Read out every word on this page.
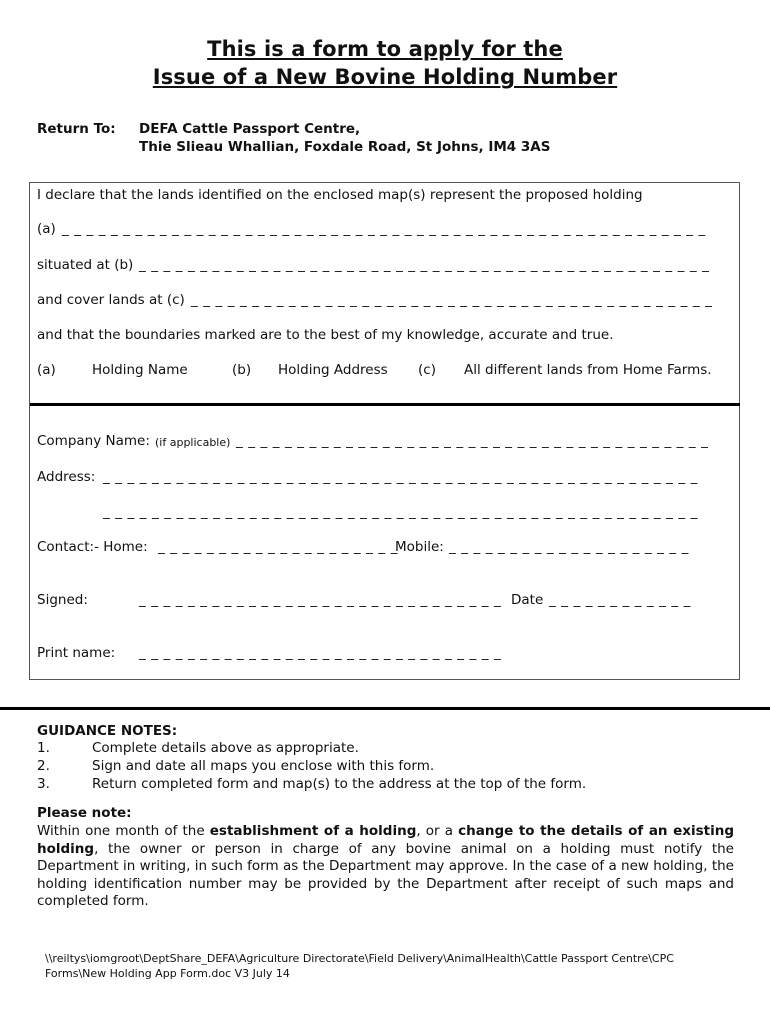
This is a form to apply for the
Issue of a New Bovine Holding Number
Return To: DEFA Cattle Passport Centre,
Thie Slieau Whallian, Foxdale Road, St Johns, IM4 3AS
I declare that the lands identified on the enclosed map(s) represent the proposed holding
(a) _ _ _ _ _ _ _ _ _ _ _ _ _ _ _ _ _ _ _ _ _ _ _ _ _ _ _ _ _ _ _ _ _ _ _ _ _ _ _ _ _ _ _ _ _ _ _ _ _ _ _ _ _
situated at (b) _ _ _ _ _ _ _ _ _ _ _ _ _ _ _ _ _ _ _ _ _ _ _ _ _ _ _ _ _ _ _ _ _ _ _ _ _ _ _ _ _ _ _ _ _ _ _
and cover lands at (c) _ _ _ _ _ _ _ _ _ _ _ _ _ _ _ _ _ _ _ _ _ _ _ _ _ _ _ _ _ _ _ _ _ _ _ _ _ _ _ _ _ _ _
and that the boundaries marked are to the best of my knowledge, accurate and true.
(a)	Holding Name	(b) Holding Address (c) All different lands from Home Farms.
Company Name: (if applicable) _ _ _ _ _ _ _ _ _ _ _ _ _ _ _ _ _ _ _ _ _ _ _ _ _ _ _ _ _ _ _ _ _ _ _ _ _ _ _
Address: _ _ _ _ _ _ _ _ _ _ _ _ _ _ _ _ _ _ _ _ _ _ _ _ _ _ _ _ _ _ _ _ _ _ _ _ _ _ _ _ _ _ _ _ _ _ _ _ _
_ _ _ _ _ _ _ _ _ _ _ _ _ _ _ _ _ _ _ _ _ _ _ _ _ _ _ _ _ _ _ _ _ _ _ _ _ _ _ _ _ _ _ _ _ _ _ _ _
Contact:- Home: _ _ _ _ _ _ _ _ _ _ _ _ _ _ _ _ _ _ _ _
Mobile: _ _ _ _ _ _ _ _ _ _ _ _ _ _ _ _ _ _ _ _
Signed:	_ _ _ _ _ _ _ _ _ _ _ _ _ _ _ _ _ _ _ _ _ _ _ _ _ _ _ _ _ _ Date _ _ _ _ _ _ _ _ _ _ _ _
Print name: _ _ _ _ _ _ _ _ _ _ _ _ _ _ _ _ _ _ _ _ _ _ _ _ _ _ _ _ _ _
GUIDANCE NOTES:
1.	Complete details above as appropriate.
2.	Sign and date all maps you enclose with this form.
3.	Return completed form and map(s) to the address at the top of the form.
Please note:
Within one month of the establishment of a holding, or a change to the details of an existing holding, the owner or person in charge of any bovine animal on a holding must notify the Department in writing, in such form as the Department may approve. In the case of a new holding, the holding identification number may be provided by the Department after receipt of such maps and completed form.
\\reiltys\iomgroot\DeptShare_DEFA\Agriculture Directorate\Field Delivery\AnimalHealth\Cattle Passport Centre\CPC Forms\New Holding App Form.doc V3 July 14
